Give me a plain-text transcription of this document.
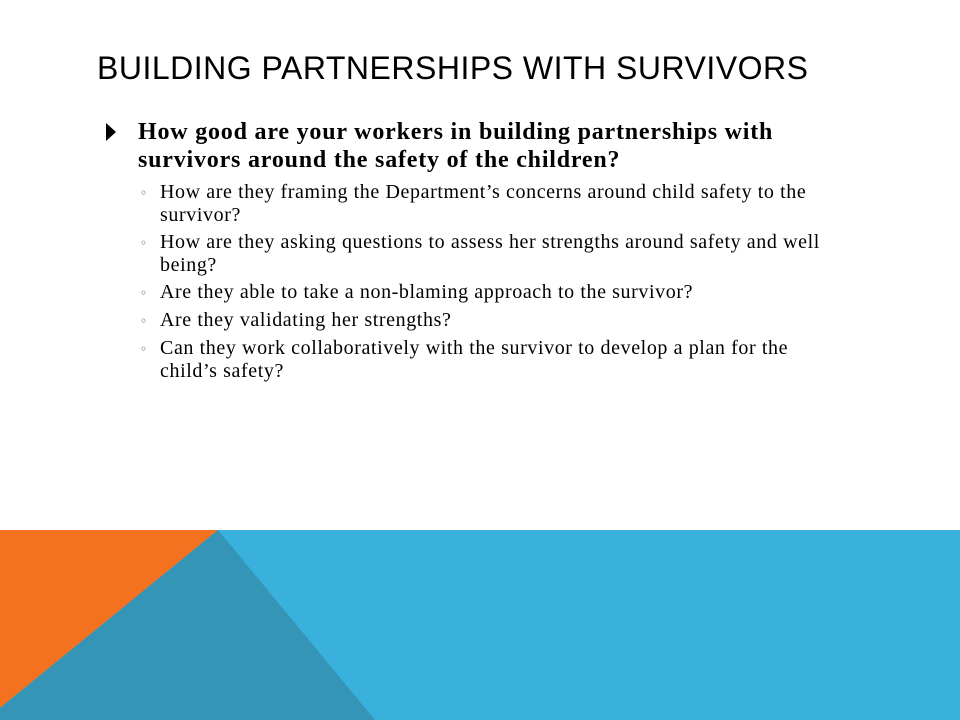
BUILDING PARTNERSHIPS WITH SURVIVORS

How good are your workers in building partnerships with survivors around the safety of the children?

◦ How are they framing the Department’s concerns around child safety to the survivor?
◦ How are they asking questions to assess her strengths around safety and well being?
◦ Are they able to take a non-blaming approach to the survivor?
◦ Are they validating her strengths?
◦ Can they work collaboratively with the survivor to develop a plan for the child’s safety?
